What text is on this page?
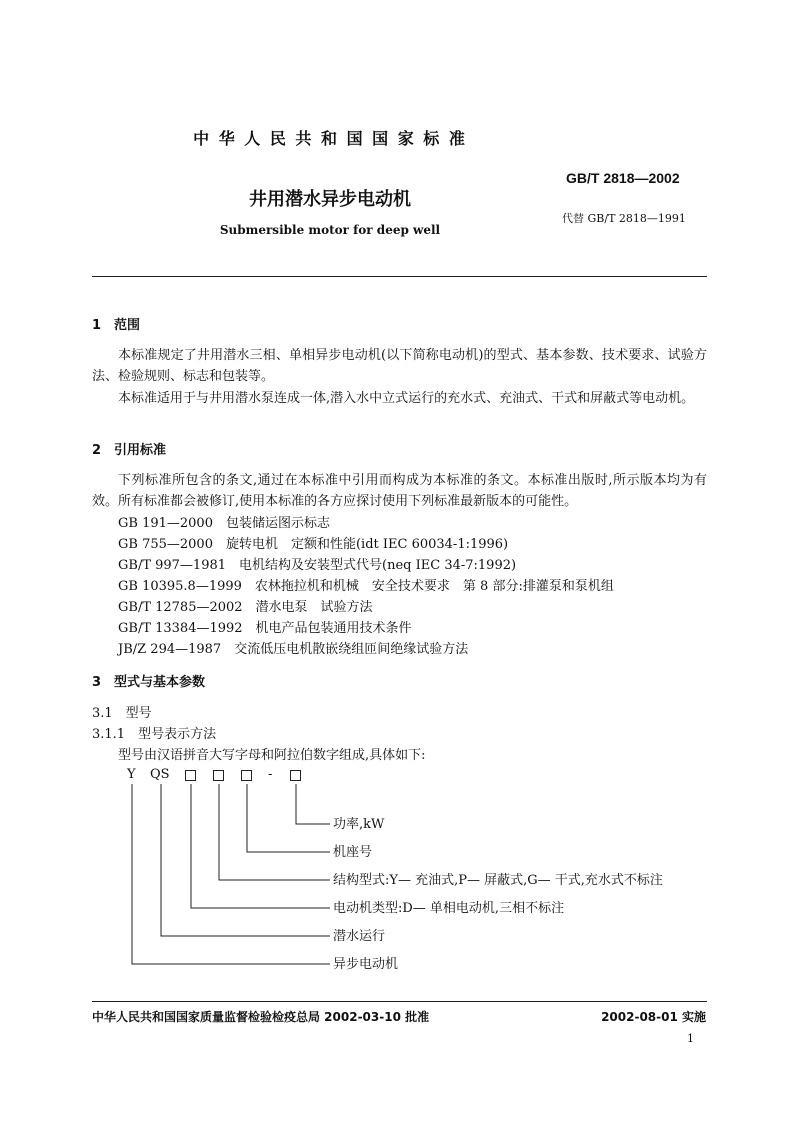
中 华 人 民 共 和 国 国 家 标 准
GB/T 2818—2002
井用潜水异步电动机
代替 GB/T 2818—1991
Submersible motor for deep well
1　范围
本标准规定了井用潜水三相、单相异步电动机(以下简称电动机)的型式、基本参数、技术要求、试验方法、检验规则、标志和包装等。
本标准适用于与井用潜水泵连成一体,潜入水中立式运行的充水式、充油式、干式和屏蔽式等电动机。
2　引用标准
下列标准所包含的条文,通过在本标准中引用而构成为本标准的条文。本标准出版时,所示版本均为有效。所有标准都会被修订,使用本标准的各方应探讨使用下列标准最新版本的可能性。
GB 191—2000　包装储运图示标志
GB 755—2000　旋转电机　定额和性能(idt IEC 60034-1:1996)
GB/T 997—1981　电机结构及安装型式代号(neq IEC 34-7:1992)
GB 10395.8—1999　农林拖拉机和机械　安全技术要求　第 8 部分:排灌泵和泵机组
GB/T 12785—2002　潜水电泵　试验方法
GB/T 13384—1992　机电产品包装通用技术条件
JB/Z 294—1987　交流低压电机散嵌绕组匝间绝缘试验方法
3　型式与基本参数
3.1　型号
3.1.1　型号表示方法
型号由汉语拼音大写字母和阿拉伯数字组成,具体如下:
Y QS	-
功率,kW
机座号
结构型式:Y— 充油式,P— 屏蔽式,G— 干式,充水式不标注
电动机类型:D— 单相电动机,三相不标注
潜水运行
异步电动机
中华人民共和国国家质量监督检验检疫总局 2002-03-10 批准	2002-08-01 实施
1
